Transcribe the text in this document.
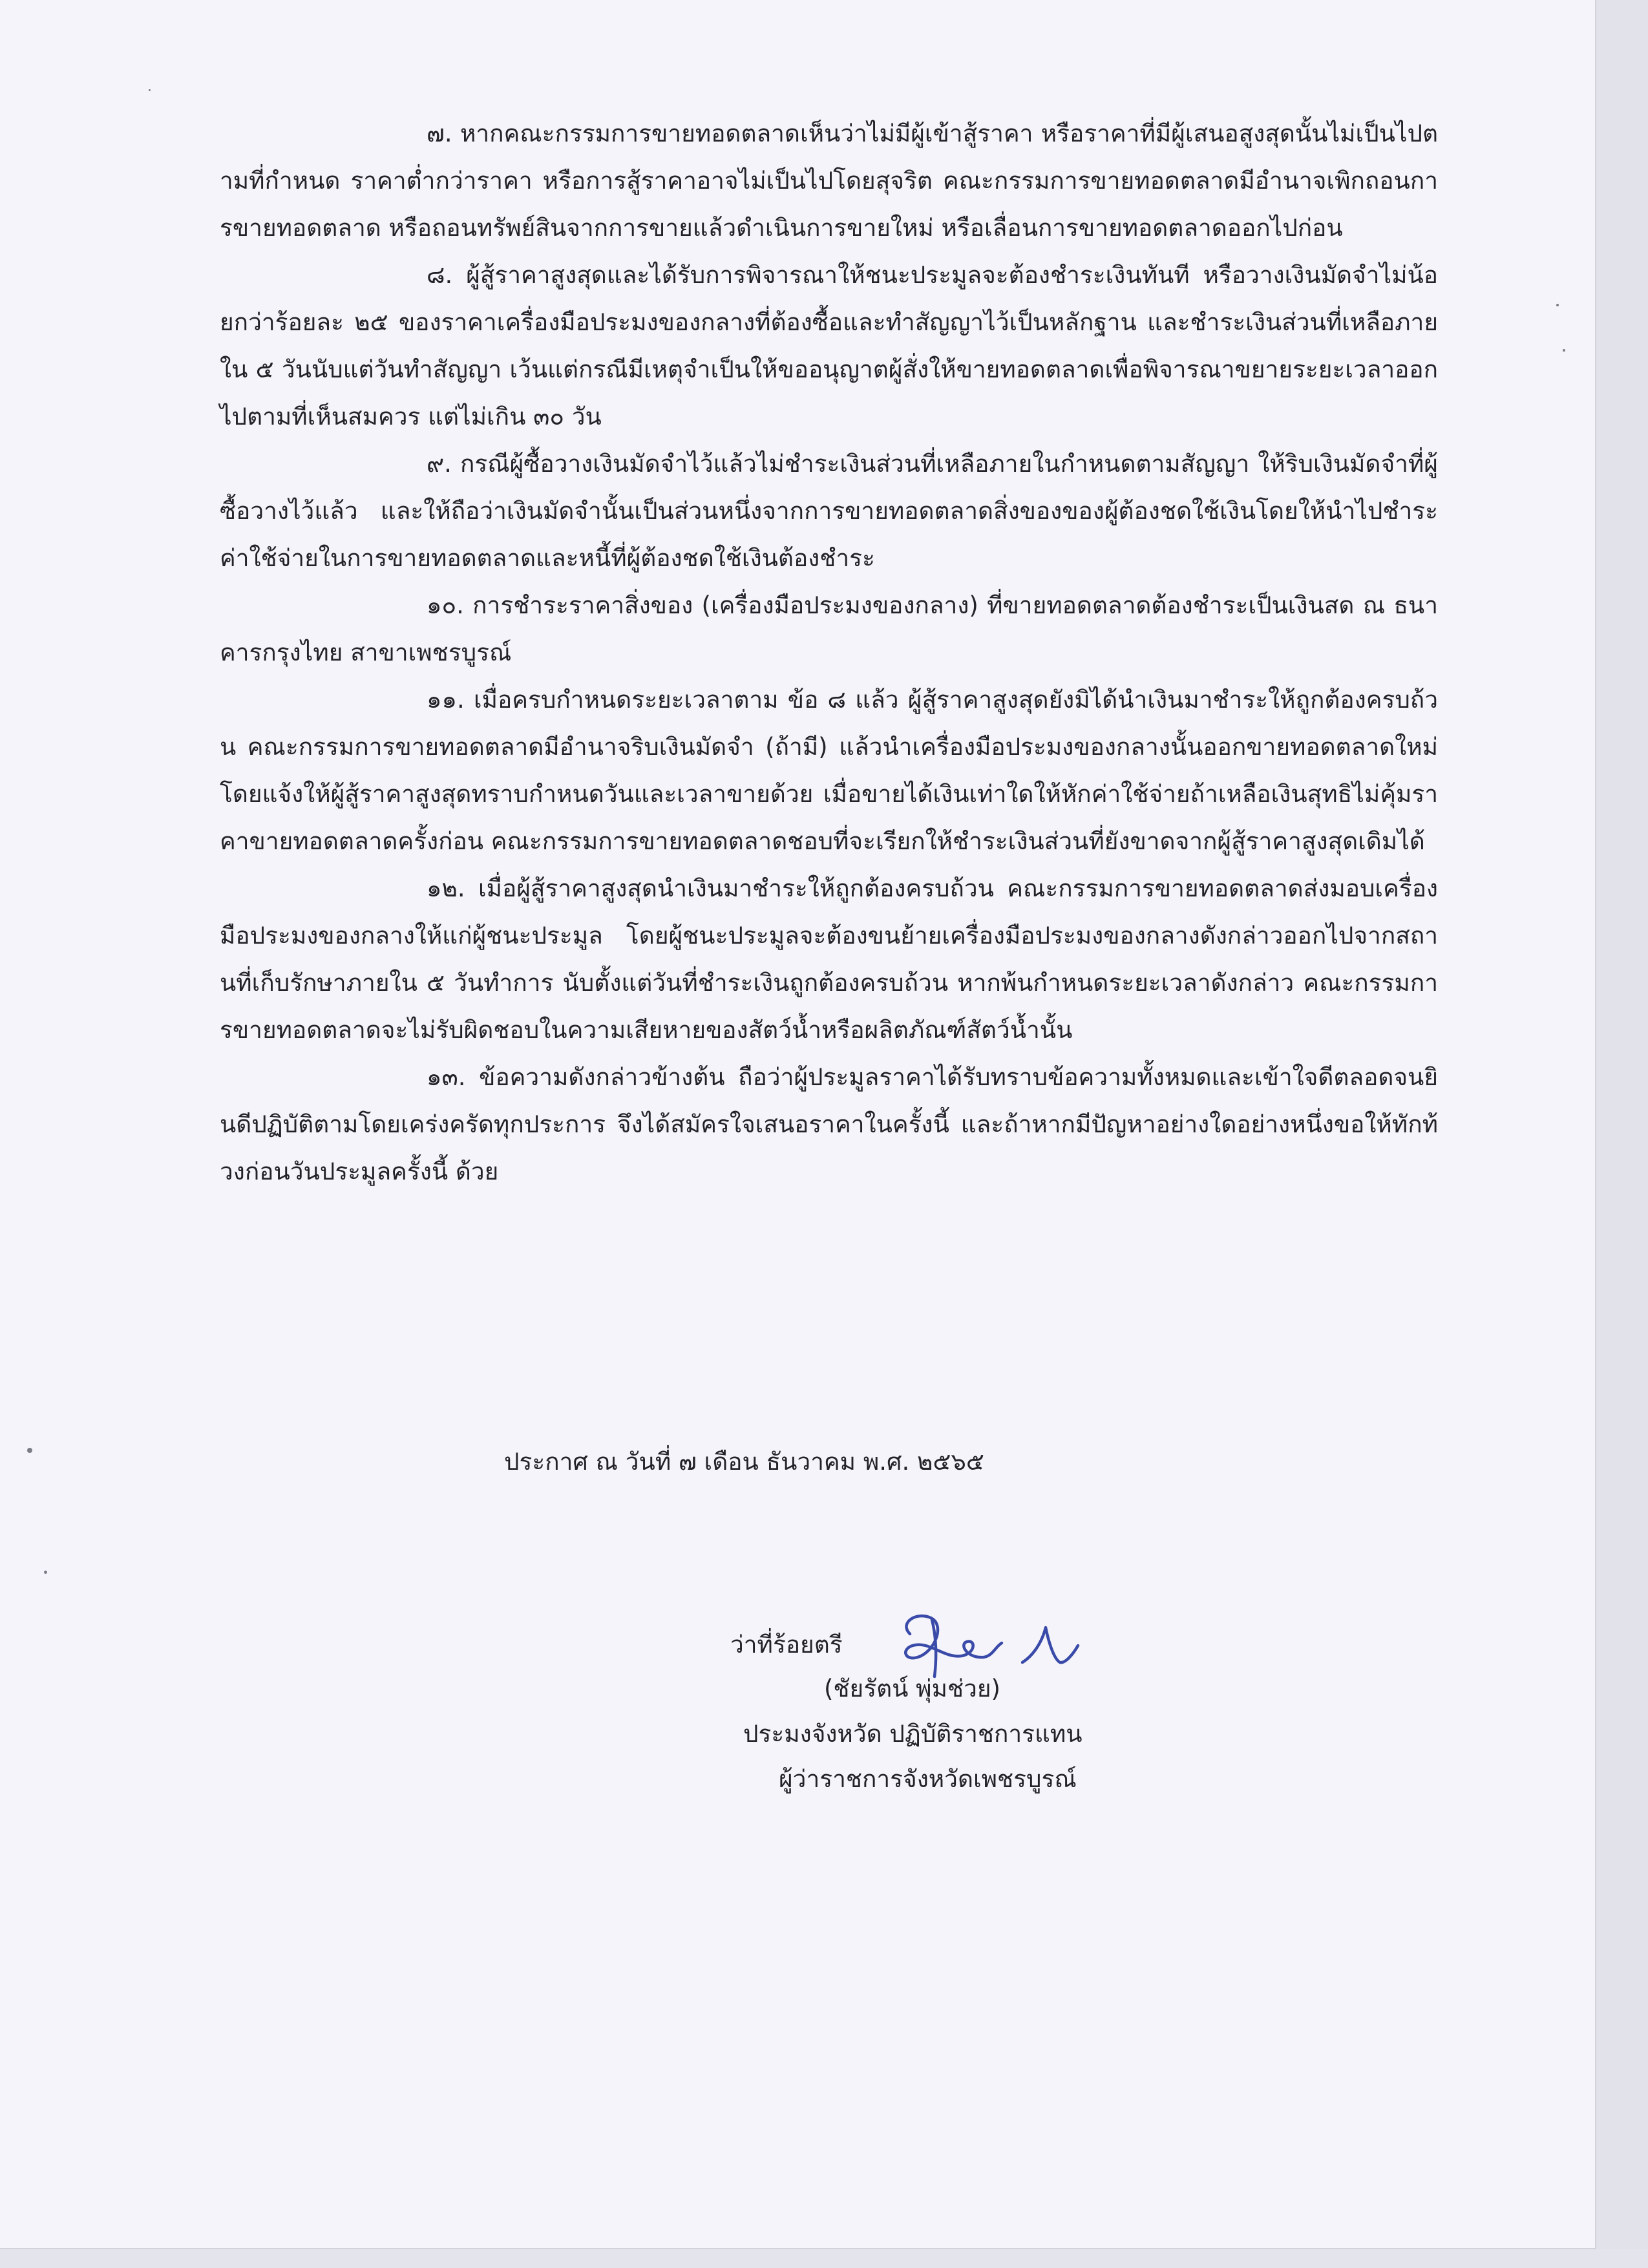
๗. หากคณะกรรมการขายทอดตลาดเห็นว่าไม่มีผู้เข้าสู้ราคา หรือราคาที่มีผู้เสนอสูงสุดนั้นไม่เป็นไปตามที่กำหนด ราคาต่ำกว่าราคา หรือการสู้ราคาอาจไม่เป็นไปโดยสุจริต คณะกรรมการขายทอดตลาดมีอำนาจเพิกถอนการขายทอดตลาด หรือถอนทรัพย์สินจากการขายแล้วดำเนินการขายใหม่ หรือเลื่อนการขายทอดตลาดออกไปก่อน

๘. ผู้สู้ราคาสูงสุดและได้รับการพิจารณาให้ชนะประมูลจะต้องชำระเงินทันที หรือวางเงินมัดจำไม่น้อยกว่าร้อยละ ๒๕ ของราคาเครื่องมือประมงของกลางที่ต้องซื้อและทำสัญญาไว้เป็นหลักฐาน และชำระเงินส่วนที่เหลือภายใน ๕ วันนับแต่วันทำสัญญา เว้นแต่กรณีมีเหตุจำเป็นให้ขออนุญาตผู้สั่งให้ขายทอดตลาดเพื่อพิจารณาขยายระยะเวลาออกไปตามที่เห็นสมควร แต่ไม่เกิน ๓๐ วัน

๙. กรณีผู้ซื้อวางเงินมัดจำไว้แล้วไม่ชำระเงินส่วนที่เหลือภายในกำหนดตามสัญญา ให้ริบเงินมัดจำที่ผู้ซื้อวางไว้แล้ว และให้ถือว่าเงินมัดจำนั้นเป็นส่วนหนึ่งจากการขายทอดตลาดสิ่งของของผู้ต้องชดใช้เงินโดยให้นำไปชำระค่าใช้จ่ายในการขายทอดตลาดและหนี้ที่ผู้ต้องชดใช้เงินต้องชำระ

๑๐. การชำระราคาสิ่งของ (เครื่องมือประมงของกลาง) ที่ขายทอดตลาดต้องชำระเป็นเงินสด ณ ธนาคารกรุงไทย สาขาเพชรบูรณ์

๑๑. เมื่อครบกำหนดระยะเวลาตาม ข้อ ๘ แล้ว ผู้สู้ราคาสูงสุดยังมิได้นำเงินมาชำระให้ถูกต้องครบถ้วน คณะกรรมการขายทอดตลาดมีอำนาจริบเงินมัดจำ (ถ้ามี) แล้วนำเครื่องมือประมงของกลางนั้นออกขายทอดตลาดใหม่โดยแจ้งให้ผู้สู้ราคาสูงสุดทราบกำหนดวันและเวลาขายด้วย เมื่อขายได้เงินเท่าใดให้หักค่าใช้จ่ายถ้าเหลือเงินสุทธิไม่คุ้มราคาขายทอดตลาดครั้งก่อน คณะกรรมการขายทอดตลาดชอบที่จะเรียกให้ชำระเงินส่วนที่ยังขาดจากผู้สู้ราคาสูงสุดเดิมได้

๑๒. เมื่อผู้สู้ราคาสูงสุดนำเงินมาชำระให้ถูกต้องครบถ้วน คณะกรรมการขายทอดตลาดส่งมอบเครื่องมือประมงของกลางให้แก่ผู้ชนะประมูล โดยผู้ชนะประมูลจะต้องขนย้ายเครื่องมือประมงของกลางดังกล่าวออกไปจากสถานที่เก็บรักษาภายใน ๕ วันทำการ นับตั้งแต่วันที่ชำระเงินถูกต้องครบถ้วน หากพ้นกำหนดระยะเวลาดังกล่าว คณะกรรมการขายทอดตลาดจะไม่รับผิดชอบในความเสียหายของสัตว์น้ำหรือผลิตภัณฑ์สัตว์น้ำนั้น

๑๓. ข้อความดังกล่าวข้างต้น ถือว่าผู้ประมูลราคาได้รับทราบข้อความทั้งหมดและเข้าใจดีตลอดจนยินดีปฏิบัติตามโดยเคร่งครัดทุกประการ จึงได้สมัครใจเสนอราคาในครั้งนี้ และถ้าหากมีปัญหาอย่างใดอย่างหนึ่งขอให้ทักท้วงก่อนวันประมูลครั้งนี้ ด้วย

ประกาศ ณ วันที่ ๗ เดือน ธันวาคม พ.ศ. ๒๕๖๕
ว่าที่ร้อยตรี
(ชัยรัตน์ พุ่มช่วย)
ประมงจังหวัด ปฏิบัติราชการแทน
ผู้ว่าราชการจังหวัดเพชรบูรณ์
